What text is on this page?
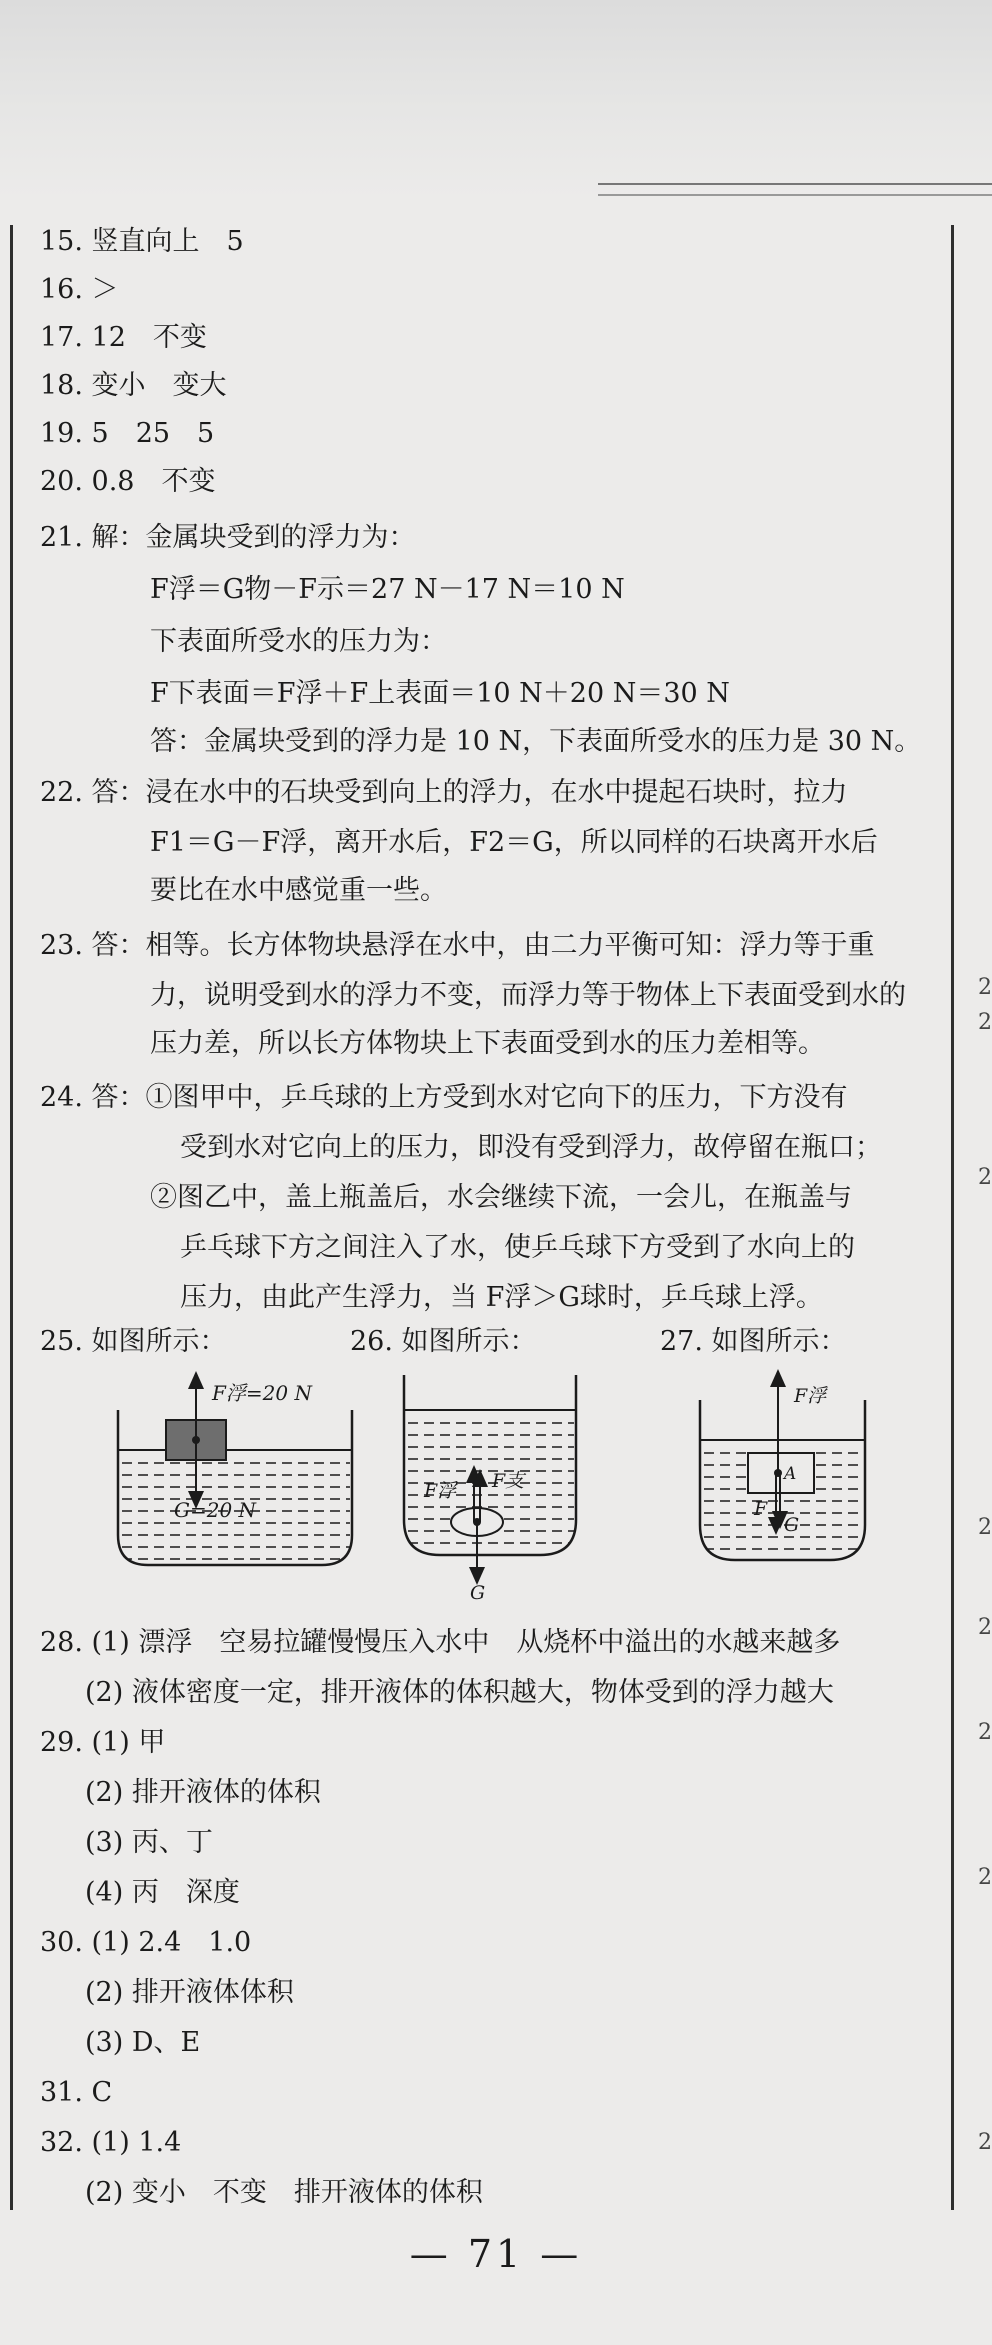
2
2
2
2
2
2
2
2
15. 竖直向上　5
16. ＞
17. 12　不变
18. 变小　变大
19. 5　25　5
20. 0.8　不变
21. 解：金属块受到的浮力为：
F浮＝G物－F示＝27 N－17 N＝10 N
下表面所受水的压力为：
F下表面＝F浮＋F上表面＝10 N＋20 N＝30 N
答：金属块受到的浮力是 10 N，下表面所受水的压力是 30 N。
22. 答：浸在水中的石块受到向上的浮力，在水中提起石块时，拉力
F1＝G－F浮，离开水后，F2＝G，所以同样的石块离开水后
要比在水中感觉重一些。
23. 答：相等。长方体物块悬浮在水中，由二力平衡可知：浮力等于重
力，说明受到水的浮力不变，而浮力等于物体上下表面受到水的
压力差，所以长方体物块上下表面受到水的压力差相等。
24. 答：①图甲中，乒乓球的上方受到水对它向下的压力，下方没有
受到水对它向上的压力，即没有受到浮力，故停留在瓶口；
②图乙中，盖上瓶盖后，水会继续下流，一会儿，在瓶盖与
乒乓球下方之间注入了水，使乒乓球下方受到了水向上的
压力，由此产生浮力，当 F浮＞G球时，乒乓球上浮。
25. 如图所示：	26. 如图所示：	27. 如图所示：
F浮=20 N
G=20 N
F浮 F支
G
F浮
A
F
G
28. (1) 漂浮　空易拉罐慢慢压入水中　从烧杯中溢出的水越来越多
(2) 液体密度一定，排开液体的体积越大，物体受到的浮力越大
29. (1) 甲
(2) 排开液体的体积
(3) 丙、丁
(4) 丙　深度
30. (1) 2.4　1.0
(2) 排开液体体积
(3) D、E
31. C
32. (1) 1.4
(2) 变小　不变　排开液体的体积
— 71 —
